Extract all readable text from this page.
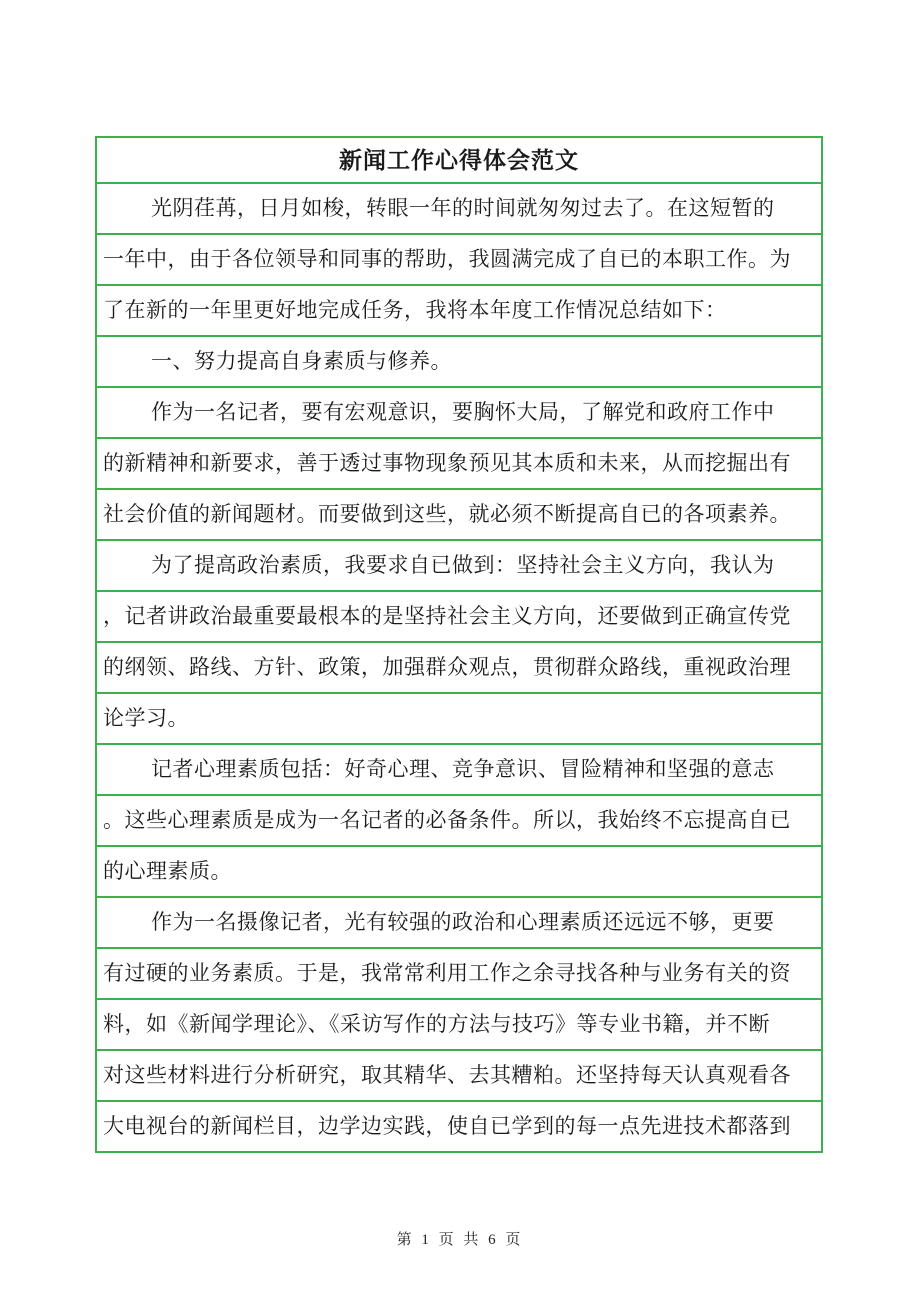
新闻工作心得体会范文
光阴荏苒，日月如梭，转眼一年的时间就匆匆过去了。在这短暂的
一年中，由于各位领导和同事的帮助，我圆满完成了自已的本职工作。为
了在新的一年里更好地完成任务，我将本年度工作情况总结如下：
一、努力提高自身素质与修养。
作为一名记者，要有宏观意识，要胸怀大局，了解党和政府工作中
的新精神和新要求，善于透过事物现象预见其本质和未来，从而挖掘出有
社会价值的新闻题材。而要做到这些，就必须不断提高自已的各项素养。
为了提高政治素质，我要求自已做到：坚持社会主义方向，我认为
，记者讲政治最重要最根本的是坚持社会主义方向，还要做到正确宣传党
的纲领、路线、方针、政策，加强群众观点，贯彻群众路线，重视政治理
论学习。
记者心理素质包括：好奇心理、竞争意识、冒险精神和坚强的意志
。这些心理素质是成为一名记者的必备条件。所以，我始终不忘提高自已
的心理素质。
作为一名摄像记者，光有较强的政治和心理素质还远远不够，更要
有过硬的业务素质。于是，我常常利用工作之余寻找各种与业务有关的资
料，如《新闻学理论》、《采访写作的方法与技巧》等专业书籍，并不断
对这些材料进行分析研究，取其精华、去其糟粕。还坚持每天认真观看各
大电视台的新闻栏目，边学边实践，使自已学到的每一点先进技术都落到
第 1 页 共 6 页
